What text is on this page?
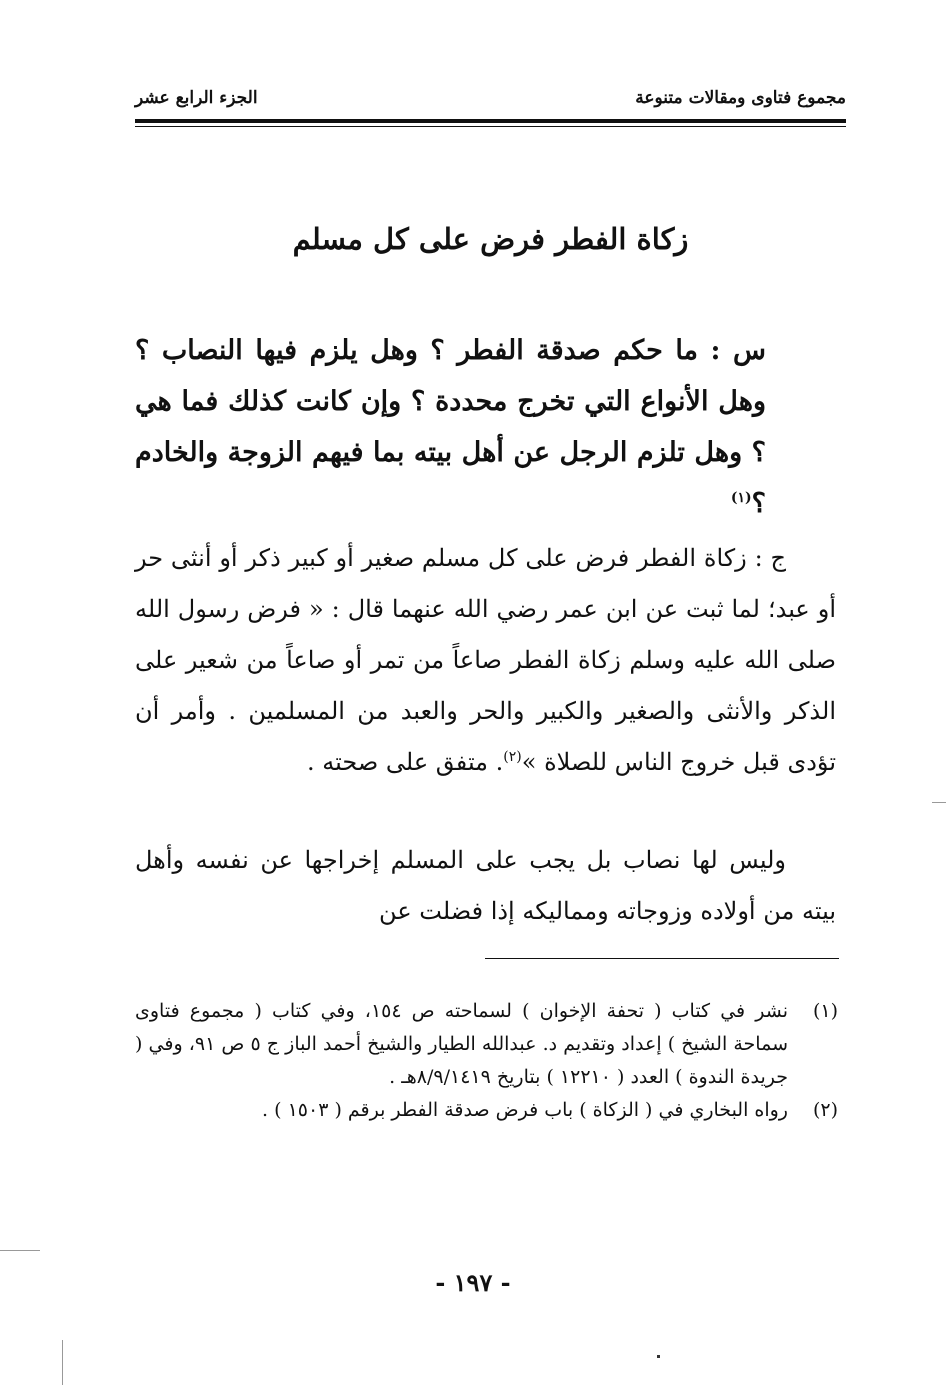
مجموع فتاوى ومقالات متنوعة
الجزء الرابع عشر
زكاة الفطر فرض على كل مسلم
س : ما حكم صدقة الفطر ؟ وهل يلزم فيها النصاب ؟ وهل الأنواع التي تخرج محددة ؟ وإن كانت كذلك فما هي ؟ وهل تلزم الرجل عن أهل بيته بما فيهم الزوجة والخادم ؟$^{(١)}$
ج : زكاة الفطر فرض على كل مسلم صغير أو كبير ذكر أو أنثى حر أو عبد؛ لما ثبت عن ابن عمر رضي الله عنهما قال : « فرض رسول الله صلى الله عليه وسلم زكاة الفطر صاعاً من تمر أو صاعاً من شعير على الذكر والأنثى والصغير والكبير والحر والعبد من المسلمين . وأمر أن تؤدى قبل خروج الناس للصلاة »$^{(٢)}$. متفق على صحته .
وليس لها نصاب بل يجب على المسلم إخراجها عن نفسه وأهل بيته من أولاده وزوجاته ومماليكه إذا فضلت عن
(١)
نشر في كتاب ( تحفة الإخوان ) لسماحته ص ١٥٤، وفي كتاب ( مجموع فتاوى سماحة الشيخ ) إعداد وتقديم د. عبدالله الطيار والشيخ أحمد الباز ج ٥ ص ٩١، وفي ( جريدة الندوة ) العدد ( ١٢٢١٠ ) بتاريخ ٨/٩/١٤١٩هـ .
(٢)
رواه البخاري في ( الزكاة ) باب فرض صدقة الفطر برقم ( ١٥٠٣ ) .
- ١٩٧ -
